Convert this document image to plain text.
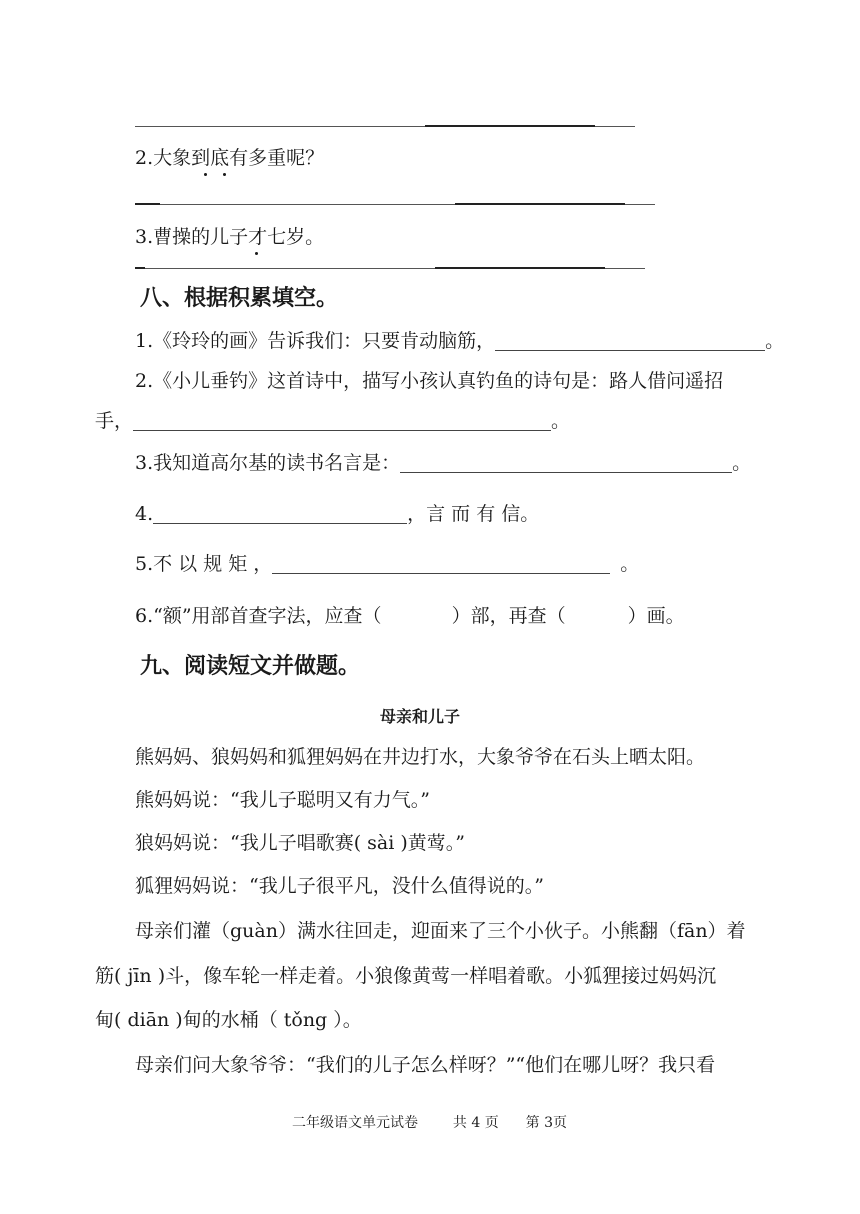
2.大象到底有多重呢？
3.曹操的儿子才七岁。
八、根据积累填空。
1.《玲玲的画》告诉我们：只要肯动脑筋，	。
2.《小儿垂钓》这首诗中，描写小孩认真钓鱼的诗句是：路人借问遥招
手，	。
3.我知道高尔基的读书名言是：	。
4.	，言 而 有 信。
5.不 以 规 矩 ，	。
6.“额”用部首查字法，应查（	）部，再查（	）画。
九、阅读短文并做题。
母亲和儿子
熊妈妈、狼妈妈和狐狸妈妈在井边打水，大象爷爷在石头上晒太阳。
熊妈妈说：“我儿子聪明又有力气。”
狼妈妈说：“我儿子唱歌赛( sài )黄莺。”
狐狸妈妈说：“我儿子很平凡，没什么值得说的。”
母亲们灌（guàn）满水往回走，迎面来了三个小伙子。小熊翻（fān）着
筋( jīn )斗，像车轮一样走着。小狼像黄莺一样唱着歌。小狐狸接过妈妈沉
甸( diān )甸的水桶（ tǒng ）。
母亲们问大象爷爷：“我们的儿子怎么样呀？”“他们在哪儿呀？我只看
二年级语文单元试卷 共 4 页 第 3页
